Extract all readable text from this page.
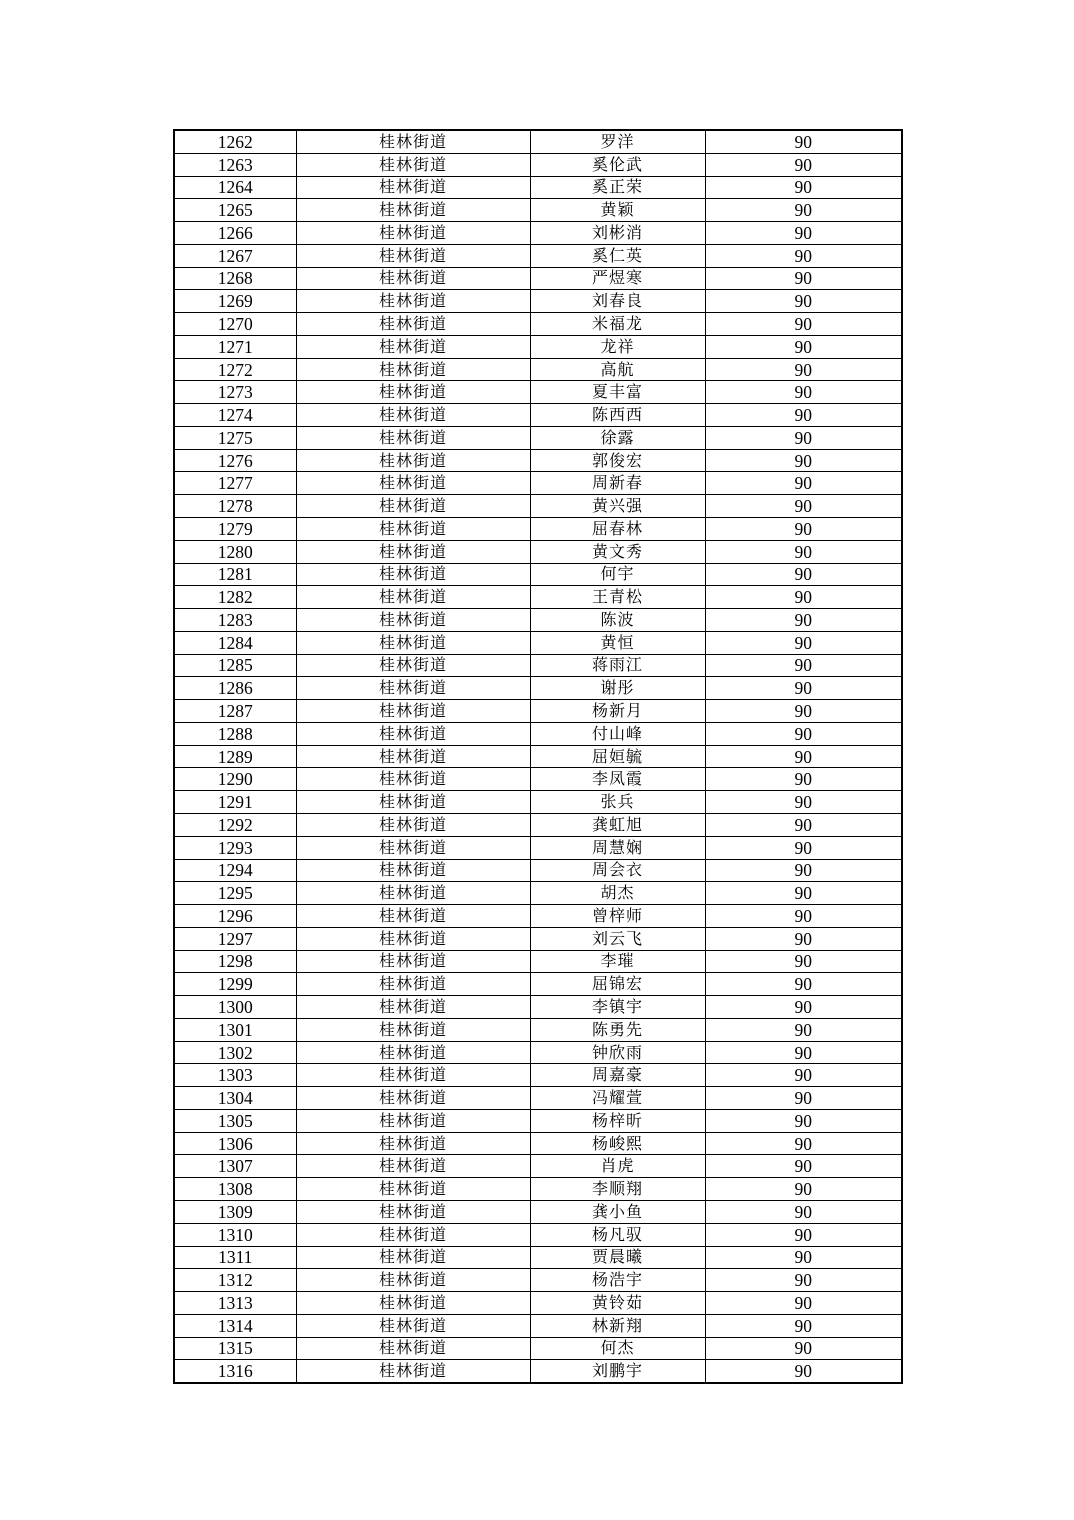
1262	桂林街道	罗洋	90
1263	桂林街道	奚伦武	90
1264	桂林街道	奚正荣	90
1265	桂林街道	黄颖	90
1266	桂林街道	刘彬消	90
1267	桂林街道	奚仁英	90
1268	桂林街道	严煜寒	90
1269	桂林街道	刘春良	90
1270	桂林街道	米福龙	90
1271	桂林街道	龙祥	90
1272	桂林街道	高航	90
1273	桂林街道	夏丰富	90
1274	桂林街道	陈西西	90
1275	桂林街道	徐露	90
1276	桂林街道	郭俊宏	90
1277	桂林街道	周新春	90
1278	桂林街道	黄兴强	90
1279	桂林街道	屈春林	90
1280	桂林街道	黄文秀	90
1281	桂林街道	何宇	90
1282	桂林街道	王青松	90
1283	桂林街道	陈波	90
1284	桂林街道	黄恒	90
1285	桂林街道	蒋雨江	90
1286	桂林街道	谢彤	90
1287	桂林街道	杨新月	90
1288	桂林街道	付山峰	90
1289	桂林街道	屈姮毓	90
1290	桂林街道	李凤霞	90
1291	桂林街道	张兵	90
1292	桂林街道	龚虹旭	90
1293	桂林街道	周慧娴	90
1294	桂林街道	周会衣	90
1295	桂林街道	胡杰	90
1296	桂林街道	曾梓师	90
1297	桂林街道	刘云飞	90
1298	桂林街道	李璀	90
1299	桂林街道	屈锦宏	90
1300	桂林街道	李镇宇	90
1301	桂林街道	陈勇先	90
1302	桂林街道	钟欣雨	90
1303	桂林街道	周嘉豪	90
1304	桂林街道	冯耀萱	90
1305	桂林街道	杨梓昕	90
1306	桂林街道	杨峻熙	90
1307	桂林街道	肖虎	90
1308	桂林街道	李顺翔	90
1309	桂林街道	龚小鱼	90
1310	桂林街道	杨凡驭	90
1311	桂林街道	贾晨曦	90
1312	桂林街道	杨浩宇	90
1313	桂林街道	黄铃茹	90
1314	桂林街道	林新翔	90
1315	桂林街道	何杰	90
1316	桂林街道	刘鹏宇	90
